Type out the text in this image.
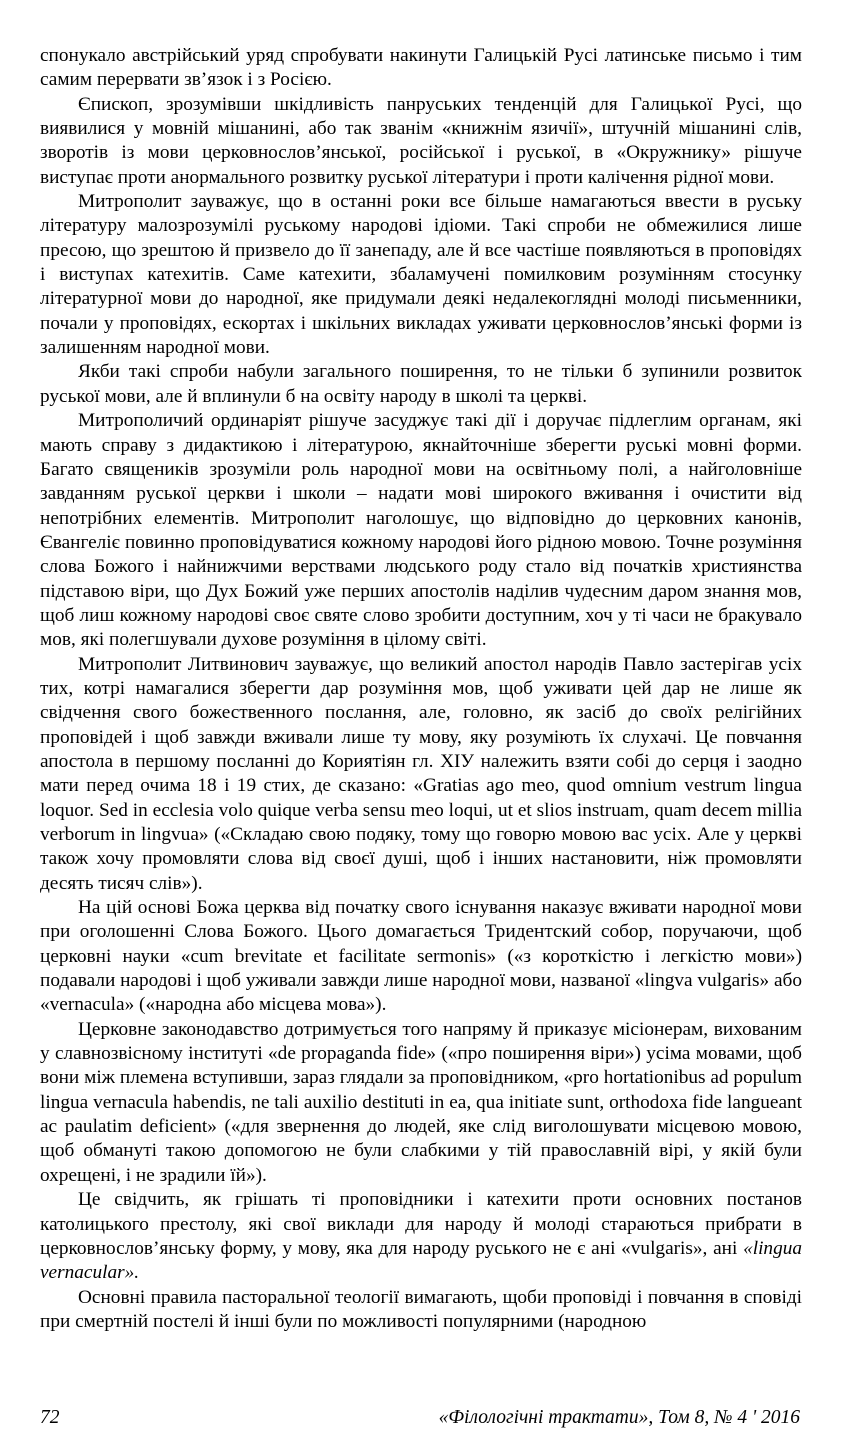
спонукало австрійський уряд спробувати накинути Галицькій Русі латинське письмо і тим самим перервати зв’язок і з Росією.

Єпископ, зрозумівши шкідливість панруських тенденцій для Галицької Русі, що виявилися у мовній мішанині, або так званім «книжнім язичії», штучній мішанині слів, зворотів із мови церковнослов’янської, російської і руської, в «Окружнику» рішуче виступає проти анормального розвитку руської літератури і проти калічення рідної мови.

Митрополит зауважує, що в останні роки все більше намагаються ввести в руську літературу малозрозумілі руському народові ідіоми. Такі спроби не обмежилися лише пресою, що зрештою й призвело до її занепаду, але й все частіше появляються в проповідях і виступах катехитів. Саме катехити, збаламучені помилковим розумінням стосунку літературної мови до народної, яке придумали деякі недалекоглядні молоді письменники, почали у проповідях, ескортах і шкільних викладах уживати церковнослов’янські форми із залишенням народної мови.

Якби такі спроби набули загального поширення, то не тільки б зупинили розвиток руської мови, але й вплинули б на освіту народу в школі та церкві.

Митрополичий ординаріят рішуче засуджує такі дії і доручає підлеглим органам, які мають справу з дидактикою і літературою, якнайточніше зберегти руські мовні форми. Багато священиків зрозуміли роль народної мови на освітньому полі, а найголовніше завданням руської церкви і школи – надати мові широкого вживання і очистити від непотрібних елементів. Митрополит наголошує, що відповідно до церковних канонів, Євангеліє повинно проповідуватися кожному народові його рідною мовою. Точне розуміння слова Божого і найнижчими верствами людського роду стало від початків християнства підставою віри, що Дух Божий уже перших апостолів наділив чудесним даром знання мов, щоб лиш кожному народові своє святе слово зробити доступним, хоч у ті часи не бракувало мов, які полегшували духове розуміння в цілому світі.

Митрополит Литвинович зауважує, що великий апостол народів Павло застерігав усіх тих, котрі намагалися зберегти дар розуміння мов, щоб уживати цей дар не лише як свідчення свого божественного послання, але, головно, як засіб до своїх релігійних проповідей і щоб завжди вживали лише ту мову, яку розуміють їх слухачі. Це повчання апостола в першому посланні до Кориятіян гл. ХІУ належить взяти собі до серця і заодно мати перед очима 18 і 19 стих, де сказано: «Gratias ago meo, quod omnium vestrum lingua loquor. Sed in ecclesia volo quique verba sensu meo loqui, ut et slios instruam, quam decem millia verborum in lingvua» («Складаю свою подяку, тому що говорю мовою вас усіх. Але у церкві також хочу промовляти слова від своєї душі, щоб і інших настановити, ніж промовляти десять тисяч слів»).

На цій основі Божа церква від початку свого існування наказує вживати народної мови при оголошенні Слова Божого. Цього домагається Тридентский собор, поручаючи, щоб церковні науки «cum brevitate et facilitate sermonis» («з короткістю і легкістю мови») подавали народові і щоб уживали завжди лише народної мови, названої «lingva vulgaris» або «vernacula» («народна або місцева мова»).

Церковне законодавство дотримується того напряму й приказує місіонерам, вихованим у славнозвісному інституті «de propaganda fide» («про поширення віри») усіма мовами, щоб вони між племена вступивши, зараз глядали за проповідником, «pro hortationibus ad populum lingua vernacula habendis, ne tali auxilio destituti in ea, qua initiate sunt, orthodoxa fide langueant ac paulatim deficient» («для звернення до людей, яке слід виголошувати місцевою мовою, щоб обмануті такою допомогою не були слабкими у тій православній вірі, у якій були охрещені, і не зрадили їй»).

Це свідчить, як грішать ті проповідники і катехити проти основних постанов католицького престолу, які свої виклади для народу й молоді стараються прибрати в церковнослов’янську форму, у мову, яка для народу руського не є ані «vulgaris», ані «lingua vernacular».

Основні правила пасторальної теології вимагають, щоби проповіді і повчання в сповіді при смертній постелі й інші були по можливості популярними (народною

72	«Філологічні трактати», Том 8, № 4 ' 2016
